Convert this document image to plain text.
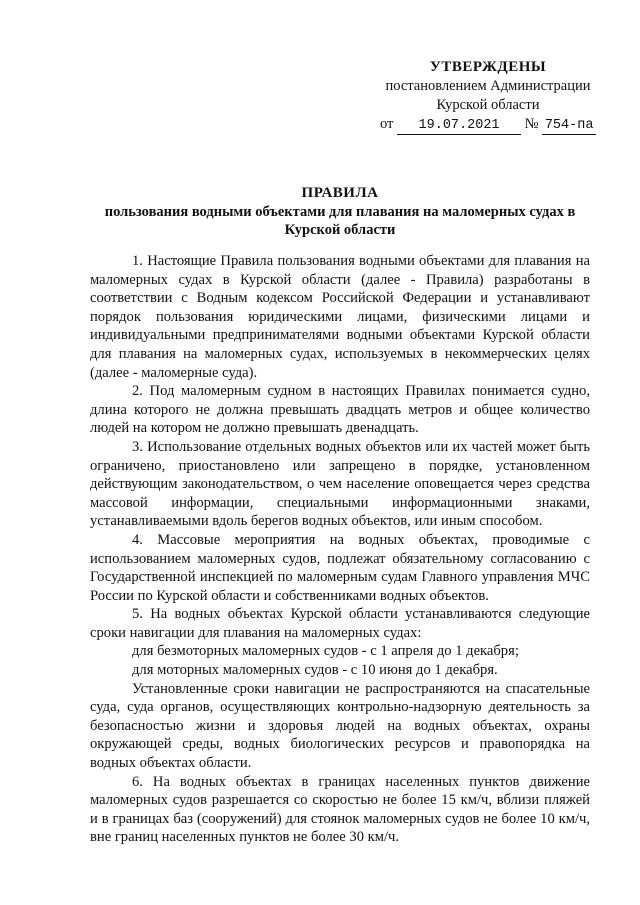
УТВЕРЖДЕНЫ
постановлением Администрации
Курской области
от 19.07.2021 № 754-па
ПРАВИЛА
пользования водными объектами для плавания на маломерных судах в Курской области

1. Настоящие Правила пользования водными объектами для плавания на маломерных судах в Курской области (далее - Правила) разработаны в соответствии с Водным кодексом Российской Федерации и устанавливают порядок пользования юридическими лицами, физическими лицами и индивидуальными предпринимателями водными объектами Курской области для плавания на маломерных судах, используемых в некоммерческих целях (далее - маломерные суда).

2. Под маломерным судном в настоящих Правилах понимается судно, длина которого не должна превышать двадцать метров и общее количество людей на котором не должно превышать двенадцать.

3. Использование отдельных водных объектов или их частей может быть ограничено, приостановлено или запрещено в порядке, установленном действующим законодательством, о чем население оповещается через средства массовой информации, специальными информационными знаками, устанавливаемыми вдоль берегов водных объектов, или иным способом.

4. Массовые мероприятия на водных объектах, проводимые с использованием маломерных судов, подлежат обязательному согласованию с Государственной инспекцией по маломерным судам Главного управления МЧС России по Курской области и собственниками водных объектов.

5. На водных объектах Курской области устанавливаются следующие сроки навигации для плавания на маломерных судах:

для безмоторных маломерных судов - с 1 апреля до 1 декабря;

для моторных маломерных судов - с 10 июня до 1 декабря.

Установленные сроки навигации не распространяются на спасательные суда, суда органов, осуществляющих контрольно-надзорную деятельность за безопасностью жизни и здоровья людей на водных объектах, охраны окружающей среды, водных биологических ресурсов и правопорядка на водных объектах области.

6. На водных объектах в границах населенных пунктов движение маломерных судов разрешается со скоростью не более 15 км/ч, вблизи пляжей и в границах баз (сооружений) для стоянок маломерных судов не более 10 км/ч, вне границ населенных пунктов не более 30 км/ч.
